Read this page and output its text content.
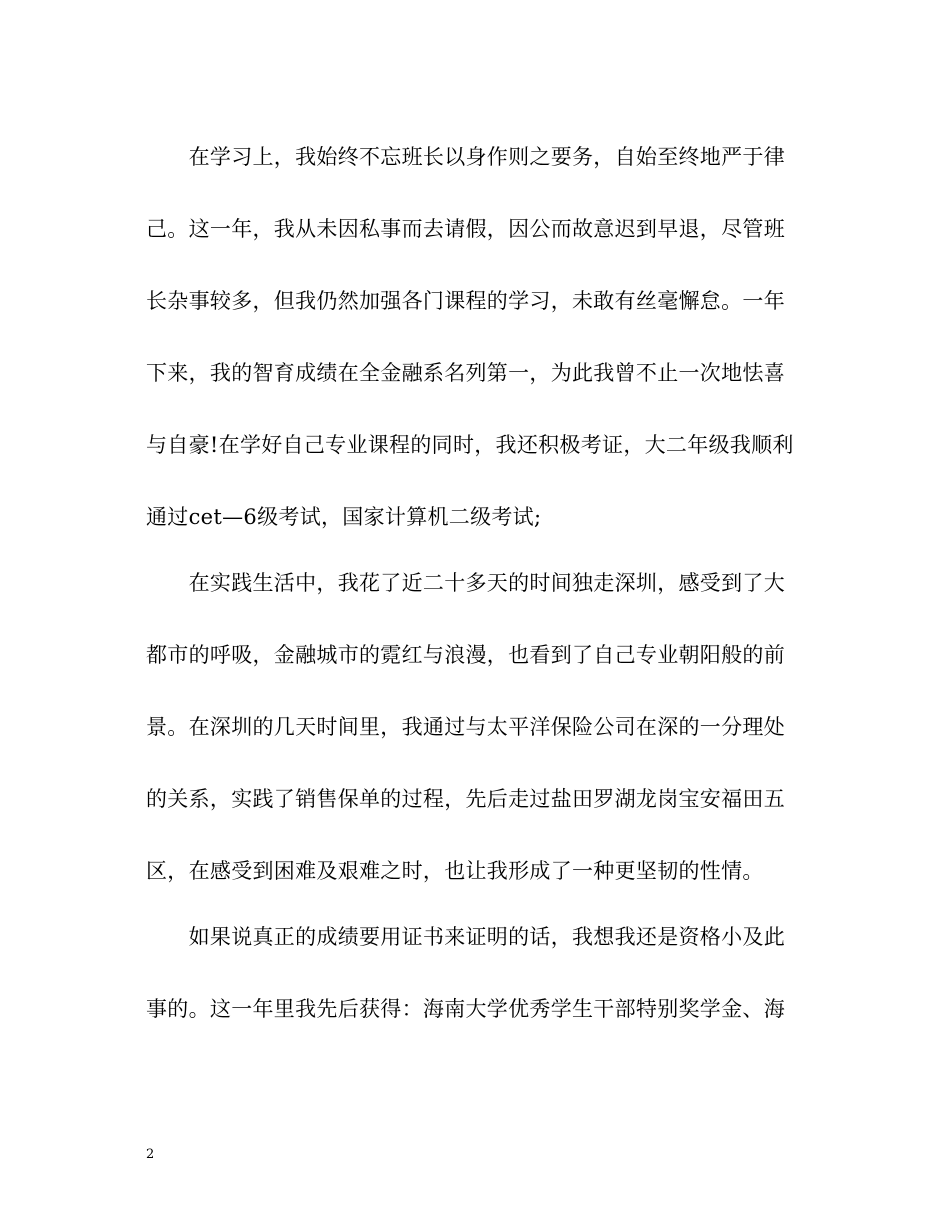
　　在学习上，我始终不忘班长以身作则之要务，自始至终地严于律
己。这一年，我从未因私事而去请假，因公而故意迟到早退，尽管班
长杂事较多，但我仍然加强各门课程的学习，未敢有丝毫懈怠。一年
下来，我的智育成绩在全金融系名列第一，为此我曾不止一次地怯喜
与自豪!在学好自己专业课程的同时，我还积极考证，大二年级我顺利
通过cet—6级考试，国家计算机二级考试;
　　在实践生活中，我花了近二十多天的时间独走深圳，感受到了大
都市的呼吸，金融城市的霓红与浪漫，也看到了自己专业朝阳般的前
景。在深圳的几天时间里，我通过与太平洋保险公司在深的一分理处
的关系，实践了销售保单的过程，先后走过盐田罗湖龙岗宝安福田五
区，在感受到困难及艰难之时，也让我形成了一种更坚韧的性情。
　　如果说真正的成绩要用证书来证明的话，我想我还是资格小及此
事的。这一年里我先后获得：海南大学优秀学生干部特别奖学金、海
2
